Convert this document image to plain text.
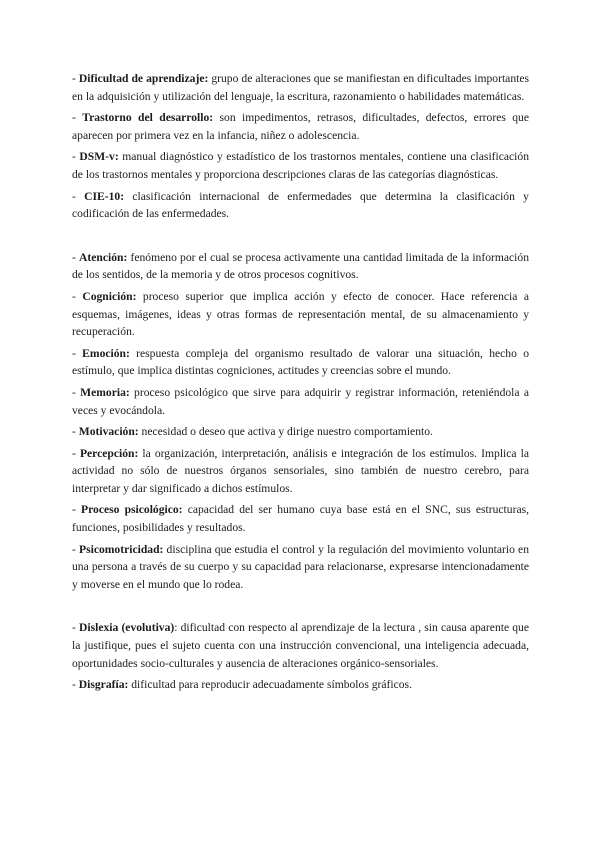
- Dificultad de aprendizaje: grupo de alteraciones que se manifiestan en dificultades importantes en la adquisición y utilización del lenguaje, la escritura, razonamiento o habilidades matemáticas.

- Trastorno del desarrollo: son impedimentos, retrasos, dificultades, defectos, errores que aparecen por primera vez en la infancia, niñez o adolescencia.

- DSM-v: manual diagnóstico y estadístico de los trastornos mentales, contiene una clasificación de los trastornos mentales y proporciona descripciones claras de las categorías diagnósticas.

- CIE-10: clasificación internacional de enfermedades que determina la clasificación y codificación de las enfermedades.

- Atención: fenómeno por el cual se procesa activamente una cantidad limitada de la información de los sentidos, de la memoria y de otros procesos cognitivos.

- Cognición: proceso superior que implica acción y efecto de conocer. Hace referencia a esquemas, imágenes, ideas y otras formas de representación mental, de su almacenamiento y recuperación.

- Emoción: respuesta compleja del organismo resultado de valorar una situación, hecho o estímulo, que implica distintas cogniciones, actitudes y creencias sobre el mundo.

- Memoria: proceso psicológico que sirve para adquirir y registrar información, reteniéndola a veces y evocándola.

- Motivación: necesidad o deseo que activa y dirige nuestro comportamiento.

- Percepción: la organización, interpretación, análisis e integración de los estímulos. Implica la actividad no sólo de nuestros órganos sensoriales, sino también de nuestro cerebro, para interpretar y dar significado a dichos estímulos.

- Proceso psicológico: capacidad del ser humano cuya base está en el SNC, sus estructuras, funciones, posibilidades y resultados.

- Psicomotricidad: disciplina que estudia el control y la regulación del movimiento voluntario en una persona a través de su cuerpo y su capacidad para relacionarse, expresarse intencionadamente y moverse en el mundo que lo rodea.

- Dislexia (evolutiva): dificultad con respecto al aprendizaje de la lectura , sin causa aparente que la justifique, pues el sujeto cuenta con una instrucción convencional, una inteligencia adecuada, oportunidades socio-culturales y ausencia de alteraciones orgánico-sensoriales.

- Disgrafía: dificultad para reproducir adecuadamente símbolos gráficos.
